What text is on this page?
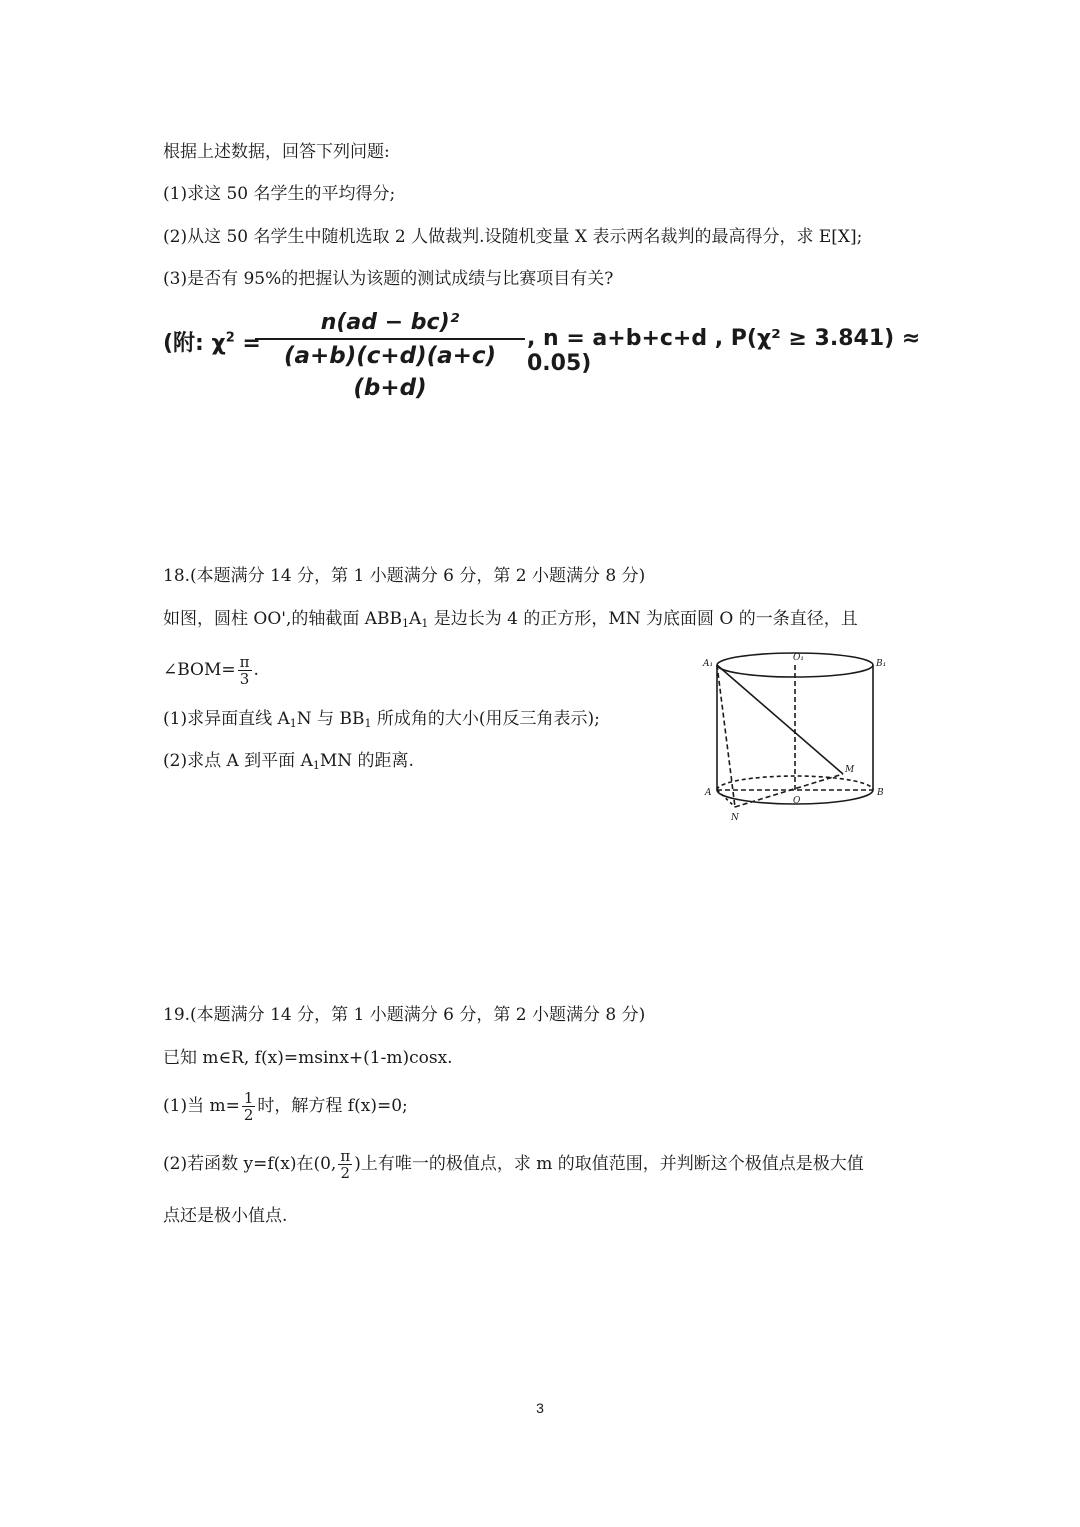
根据上述数据，回答下列问题:
(1)求这 50 名学生的平均得分;
(2)从这 50 名学生中随机选取 2 人做裁判.设随机变量 X 表示两名裁判的最高得分，求 E[X];
(3)是否有 95%的把握认为该题的测试成绩与比赛项目有关?
(附: $\chi^2$ =
$\frac{\text{n(ad − bc)²}}{(a+b)(c+d)(a+c)(b+d)}$ , n = a+b+c+d , P(χ² ≥ 3.841) ≈ 0.05)
18.(本题满分 14 分，第 1 小题满分 6 分，第 2 小题满分 8 分)
如图，圆柱 OO',的轴截面 $ABB_1A_1$ 是边长为 4 的正方形，MN 为底面圆 O 的一条直径，且
∠BOM= $\frac{\pi}{3}$ .
(1)求异面直线 $A_1N$ 与 $BB_1$ 所成角的大小(用反三角表示);
(2)求点 A 到平面 $A_1MN$ 的距离.
A₁
O₁
B₁
A
O
B
M
N
19.(本题满分 14 分，第 1 小题满分 6 分，第 2 小题满分 8 分)
已知 m∈R, f(x)=msinx+(1-m)cosx.
(1)当 $m= \frac{1}{2}$ 时，解方程 f(x)=0;
(2)若函数 y=f(x)在(0, $\frac{\pi}{2}$ )上有唯一的极值点，求 m 的取值范围，并判断这个极值点是极大值
点还是极小值点.
3
